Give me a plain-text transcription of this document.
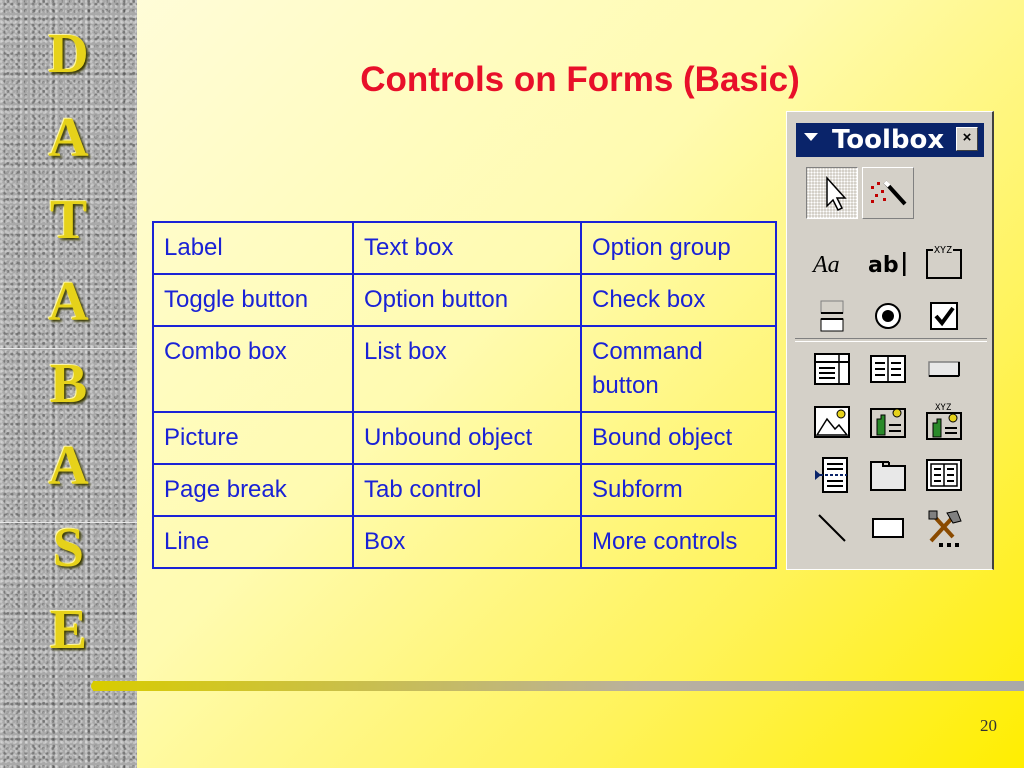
D
A
T
A
B
A
S
E
Controls on Forms (Basic)
Label	Text box	Option group
Toggle button	Option button	Check box
Combo box	List box	Command button
Picture	Unbound object	Bound object
Page break	Tab control	Subform
Line	Box	More controls
Toolbox	×
Aa ab
XYZ
XYZ
20
